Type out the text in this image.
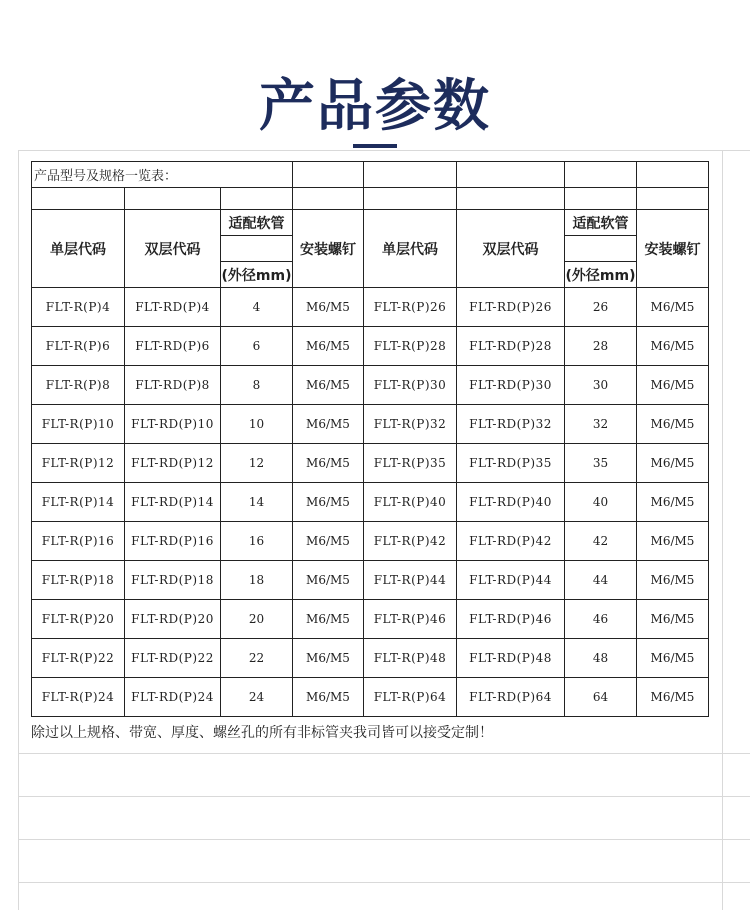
产品参数
产品型号及规格一览表：							

单层代码	双层代码	适配软管	安装螺钉	单层代码	双层代码	适配软管	安装螺钉

		(外径mm)				(外径mm)	
FLT-R(P)4	FLT-RD(P)4	4	M6/M5	FLT-R(P)26	FLT-RD(P)26	26	M6/M5
FLT-R(P)6	FLT-RD(P)6	6	M6/M5	FLT-R(P)28	FLT-RD(P)28	28	M6/M5
FLT-R(P)8	FLT-RD(P)8	8	M6/M5	FLT-R(P)30	FLT-RD(P)30	30	M6/M5
FLT-R(P)10	FLT-RD(P)10	10	M6/M5	FLT-R(P)32	FLT-RD(P)32	32	M6/M5
FLT-R(P)12	FLT-RD(P)12	12	M6/M5	FLT-R(P)35	FLT-RD(P)35	35	M6/M5
FLT-R(P)14	FLT-RD(P)14	14	M6/M5	FLT-R(P)40	FLT-RD(P)40	40	M6/M5
FLT-R(P)16	FLT-RD(P)16	16	M6/M5	FLT-R(P)42	FLT-RD(P)42	42	M6/M5
FLT-R(P)18	FLT-RD(P)18	18	M6/M5	FLT-R(P)44	FLT-RD(P)44	44	M6/M5
FLT-R(P)20	FLT-RD(P)20	20	M6/M5	FLT-R(P)46	FLT-RD(P)46	46	M6/M5
FLT-R(P)22	FLT-RD(P)22	22	M6/M5	FLT-R(P)48	FLT-RD(P)48	48	M6/M5
FLT-R(P)24	FLT-RD(P)24	24	M6/M5	FLT-R(P)64	FLT-RD(P)64	64	M6/M5
除过以上规格、带宽、厚度、螺丝孔的所有非标管夹我司皆可以接受定制！
